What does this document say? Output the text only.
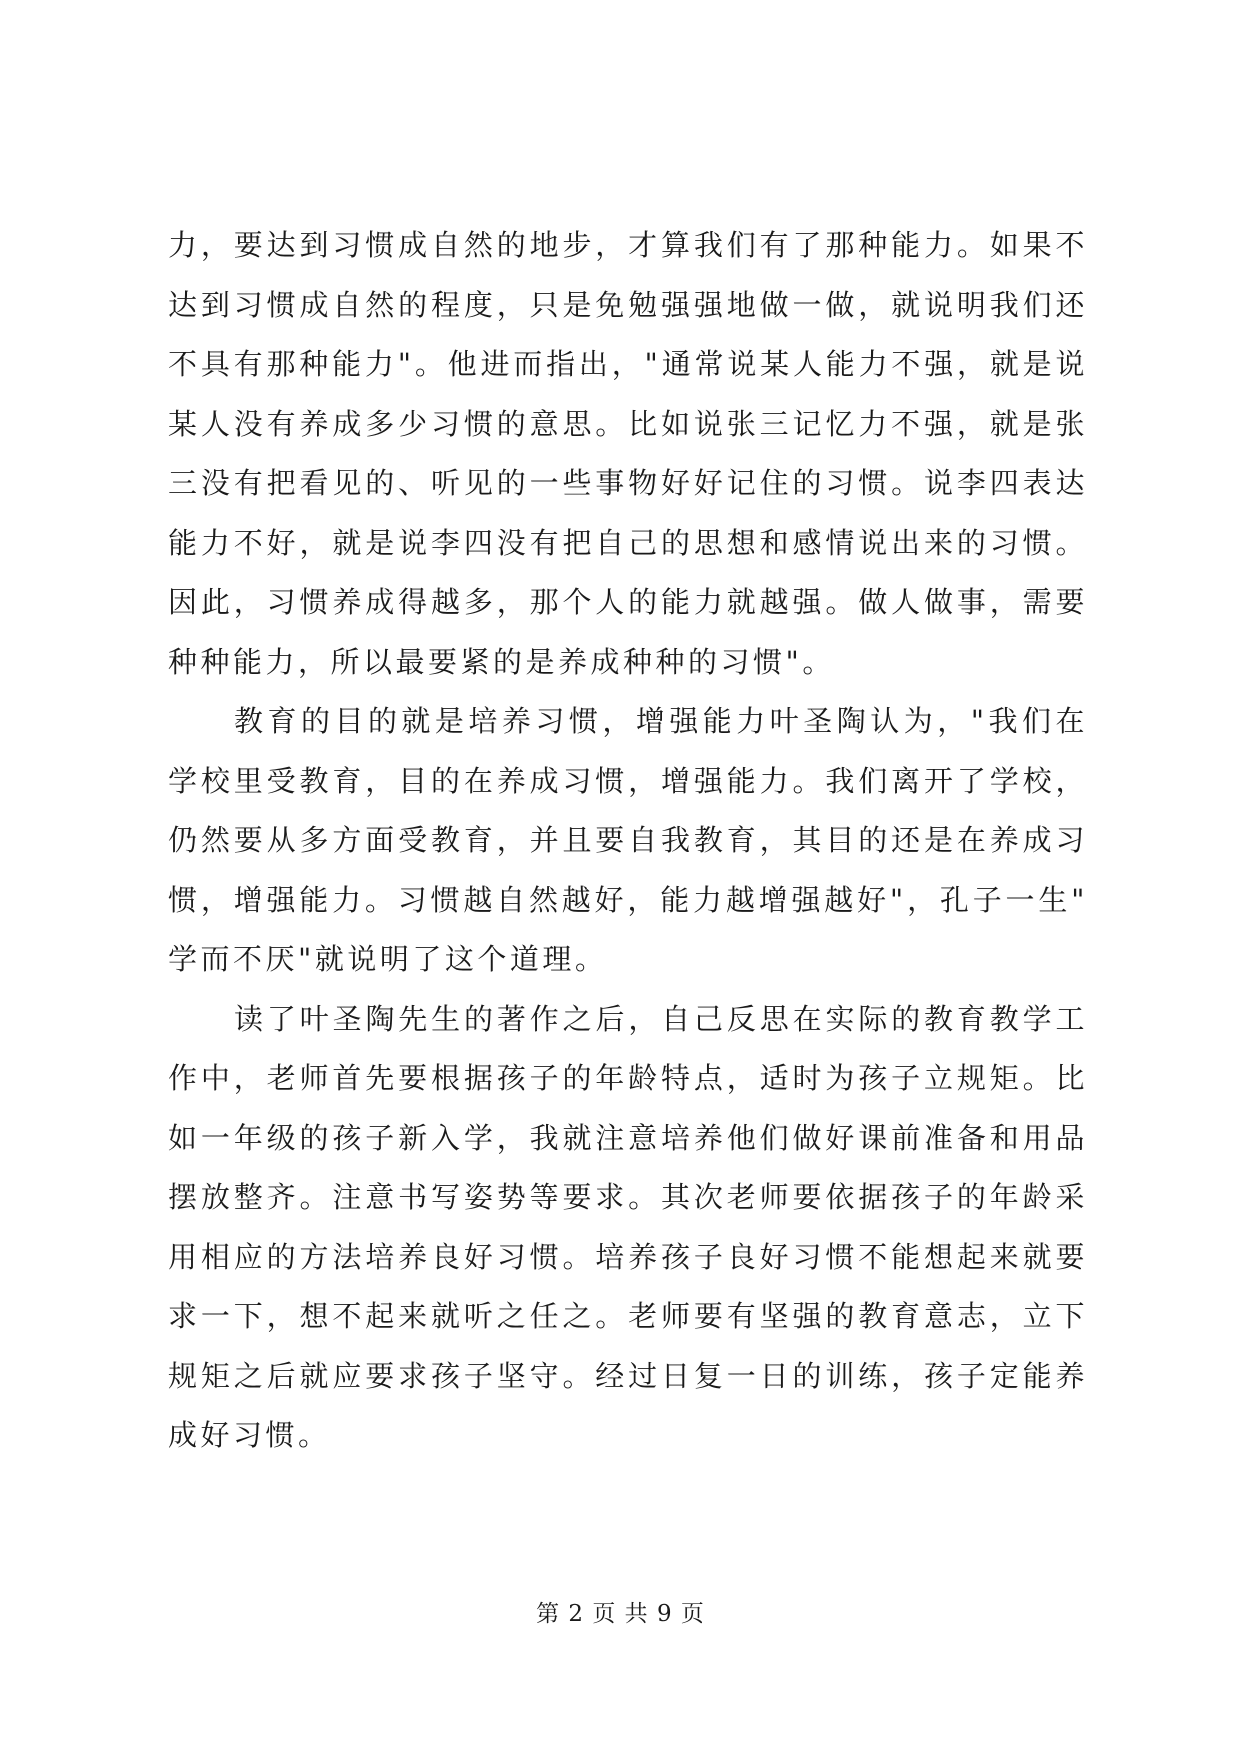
力，要达到习惯成自然的地步，才算我们有了那种能力。如果不
达到习惯成自然的程度，只是免勉强强地做一做，就说明我们还
不具有那种能力"。他进而指出，"通常说某人能力不强，就是说
某人没有养成多少习惯的意思。比如说张三记忆力不强，就是张
三没有把看见的、听见的一些事物好好记住的习惯。说李四表达
能力不好，就是说李四没有把自己的思想和感情说出来的习惯。
因此，习惯养成得越多，那个人的能力就越强。做人做事，需要
种种能力，所以最要紧的是养成种种的习惯"。
教育的目的就是培养习惯，增强能力叶圣陶认为，"我们在
学校里受教育，目的在养成习惯，增强能力。我们离开了学校，
仍然要从多方面受教育，并且要自我教育，其目的还是在养成习
惯，增强能力。习惯越自然越好，能力越增强越好"，孔子一生"
学而不厌"就说明了这个道理。
读了叶圣陶先生的著作之后，自己反思在实际的教育教学工
作中，老师首先要根据孩子的年龄特点，适时为孩子立规矩。比
如一年级的孩子新入学，我就注意培养他们做好课前准备和用品
摆放整齐。注意书写姿势等要求。其次老师要依据孩子的年龄采
用相应的方法培养良好习惯。培养孩子良好习惯不能想起来就要
求一下，想不起来就听之任之。老师要有坚强的教育意志，立下
规矩之后就应要求孩子坚守。经过日复一日的训练，孩子定能养
成好习惯。
第 2 页 共 9 页
